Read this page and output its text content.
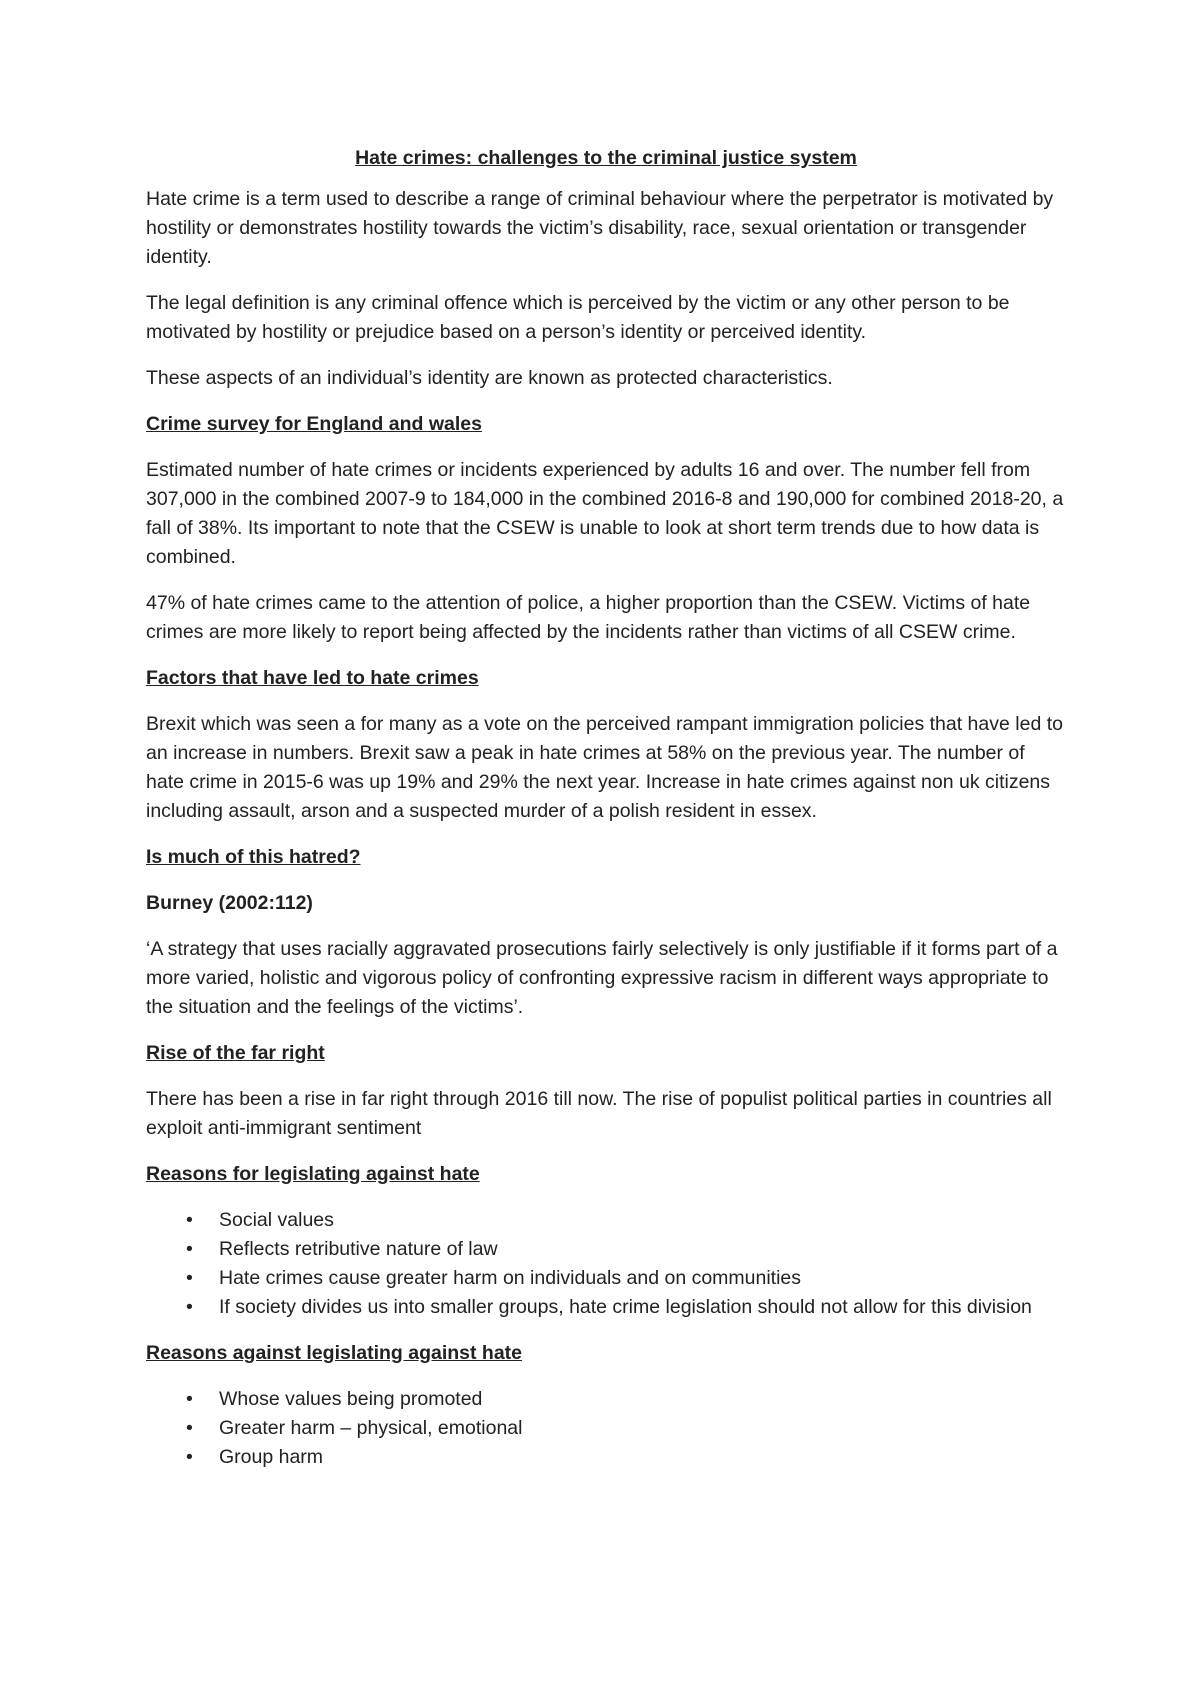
Hate crimes: challenges to the criminal justice system

Hate crime is a term used to describe a range of criminal behaviour where the perpetrator is motivated by hostility or demonstrates hostility towards the victim’s disability, race, sexual orientation or transgender identity.

The legal definition is any criminal offence which is perceived by the victim or any other person to be motivated by hostility or prejudice based on a person’s identity or perceived identity.

These aspects of an individual’s identity are known as protected characteristics.

Crime survey for England and wales

Estimated number of hate crimes or incidents experienced by adults 16 and over. The number fell from 307,000 in the combined 2007-9 to 184,000 in the combined 2016-8 and 190,000 for combined 2018-20, a fall of 38%. Its important to note that the CSEW is unable to look at short term trends due to how data is combined.

47% of hate crimes came to the attention of police, a higher proportion than the CSEW. Victims of hate crimes are more likely to report being affected by the incidents rather than victims of all CSEW crime.

Factors that have led to hate crimes

Brexit which was seen a for many as a vote on the perceived rampant immigration policies that have led to an increase in numbers. Brexit saw a peak in hate crimes at 58% on the previous year. The number of hate crime in 2015-6 was up 19% and 29% the next year. Increase in hate crimes against non uk citizens including assault, arson and a suspected murder of a polish resident in essex.

Is much of this hatred?

Burney (2002:112)

‘A strategy that uses racially aggravated prosecutions fairly selectively is only justifiable if it forms part of a more varied, holistic and vigorous policy of confronting expressive racism in different ways appropriate to the situation and the feelings of the victims’.

Rise of the far right

There has been a rise in far right through 2016 till now. The rise of populist political parties in countries all exploit anti-immigrant sentiment

Reasons for legislating against hate

• Social values
• Reflects retributive nature of law
• Hate crimes cause greater harm on individuals and on communities
• If society divides us into smaller groups, hate crime legislation should not allow for this division

Reasons against legislating against hate

• Whose values being promoted
• Greater harm – physical, emotional
• Group harm
